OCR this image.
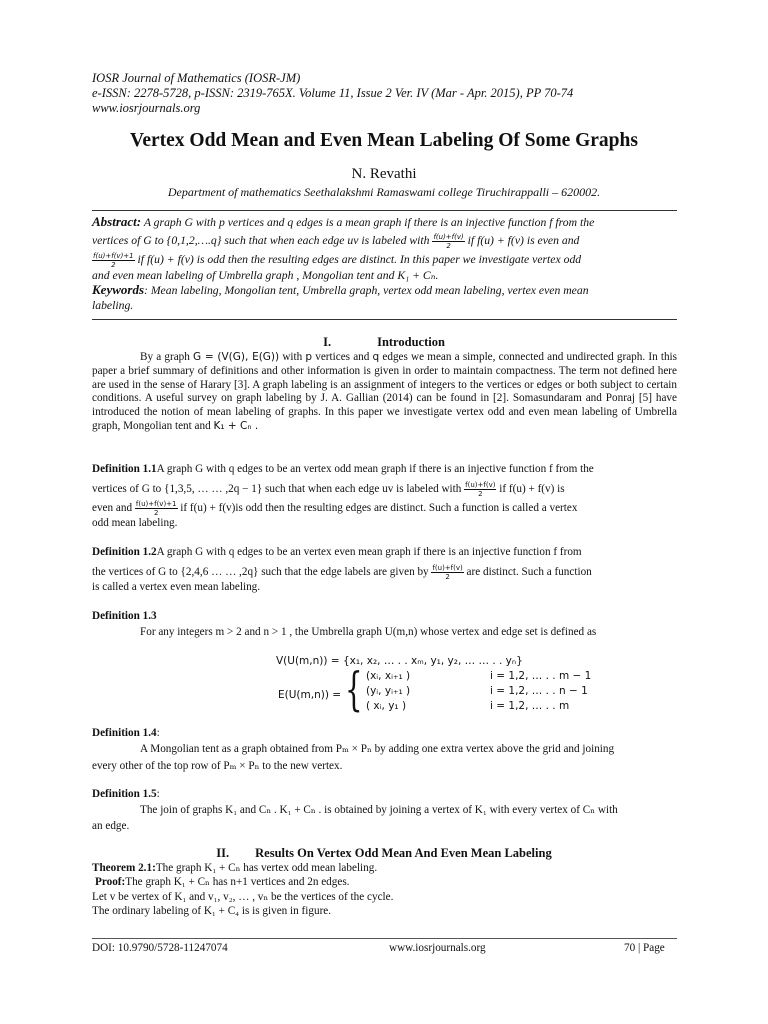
IOSR Journal of Mathematics (IOSR-JM)
e-ISSN: 2278-5728, p-ISSN: 2319-765X. Volume 11, Issue 2 Ver. IV (Mar - Apr. 2015), PP 70-74
www.iosrjournals.org
Vertex Odd Mean and Even Mean Labeling Of Some Graphs
N. Revathi
Department of mathematics Seethalakshmi Ramaswami college Tiruchirappalli – 620002.
Abstract: A graph G with p vertices and q edges is a mean graph if there is an injective function f from the
vertices of G to {0,1,2,….q} such that when each edge uv is labeled with $\frac{f(u)+f(v)}{2}$ if f(u) + f(v) is even and
$\frac{f(u)+f(v)+1}{2}$ if f(u) + f(v) is odd then the resulting edges are distinct. In this paper we investigate vertex odd
and even mean labeling of Umbrella graph , Mongolian tent and K₁ + Cₙ.
Keywords: Mean labeling, Mongolian tent, Umbrella graph, vertex odd mean labeling, vertex even mean
labeling.
I.	Introduction
By a graph G = (V(G), E(G)) with p vertices and q edges we mean a simple, connected and undirected graph. In this paper a brief summary of definitions and other information is given in order to maintain compactness. The term not defined here are used in the sense of Harary [3]. A graph labeling is an assignment of integers to the vertices or edges or both subject to certain conditions. A useful survey on graph labeling by J. A. Gallian (2014) can be found in [2]. Somasundaram and Ponraj [5] have introduced the notion of mean labeling of graphs. In this paper we investigate vertex odd and even mean labeling of Umbrella graph, Mongolian tent and K₁ + Cₙ .
Definition 1.1A graph G with q edges to be an vertex odd mean graph if there is an injective function f from the
vertices of G to {1,3,5, … … ,2q − 1} such that when each edge uv is labeled with $\frac{f(u)+f(v)}{2}$ if f(u) + f(v) is
even and $\frac{f(u)+f(v)+1}{2}$ if f(u) + f(v)is odd then the resulting edges are distinct. Such a function is called a vertex
odd mean labeling.
Definition 1.2A graph G with q edges to be an vertex even mean graph if there is an injective function f from
the vertices of G to {2,4,6 … … ,2q} such that the edge labels are given by $\frac{f(u)+f(v)}{2}$ are distinct. Such a function
is called a vertex even mean labeling.
Definition 1.3
For any integers m > 2 and n > 1 , the Umbrella graph U(m,n) whose vertex and edge set is defined as
V(U(m,n)) = {x₁, x₂, … . . xₘ, y₁, y₂, … … . . yₙ}
E(U(m,n)) = { (xᵢ, xᵢ₊₁ )	i = 1,2, … . . m − 1
(yᵢ, yᵢ₊₁ )	i = 1,2, … . . n − 1
( xᵢ, y₁ )	i = 1,2, … . . m
Definition 1.4:
A Mongolian tent as a graph obtained from Pₘ × Pₙ by adding one extra vertex above the grid and joining
every other of the top row of Pₘ × Pₙ to the new vertex.
Definition 1.5:
The join of graphs K₁ and Cₙ . K₁ + Cₙ . is obtained by joining a vertex of K₁ with every vertex of Cₙ with
an edge.
II. Results On Vertex Odd Mean And Even Mean Labeling
Theorem 2.1:The graph K₁ + Cₙ has vertex odd mean labeling.
Proof:The graph K₁ + Cₙ has n+1 vertices and 2n edges.
Let v be vertex of K₁ and v₁, v₂, … , vₙ be the vertices of the cycle.
The ordinary labeling of K₁ + C₄ is is given in figure.
DOI: 10.9790/5728-11247074	www.iosrjournals.org	70 | Page
